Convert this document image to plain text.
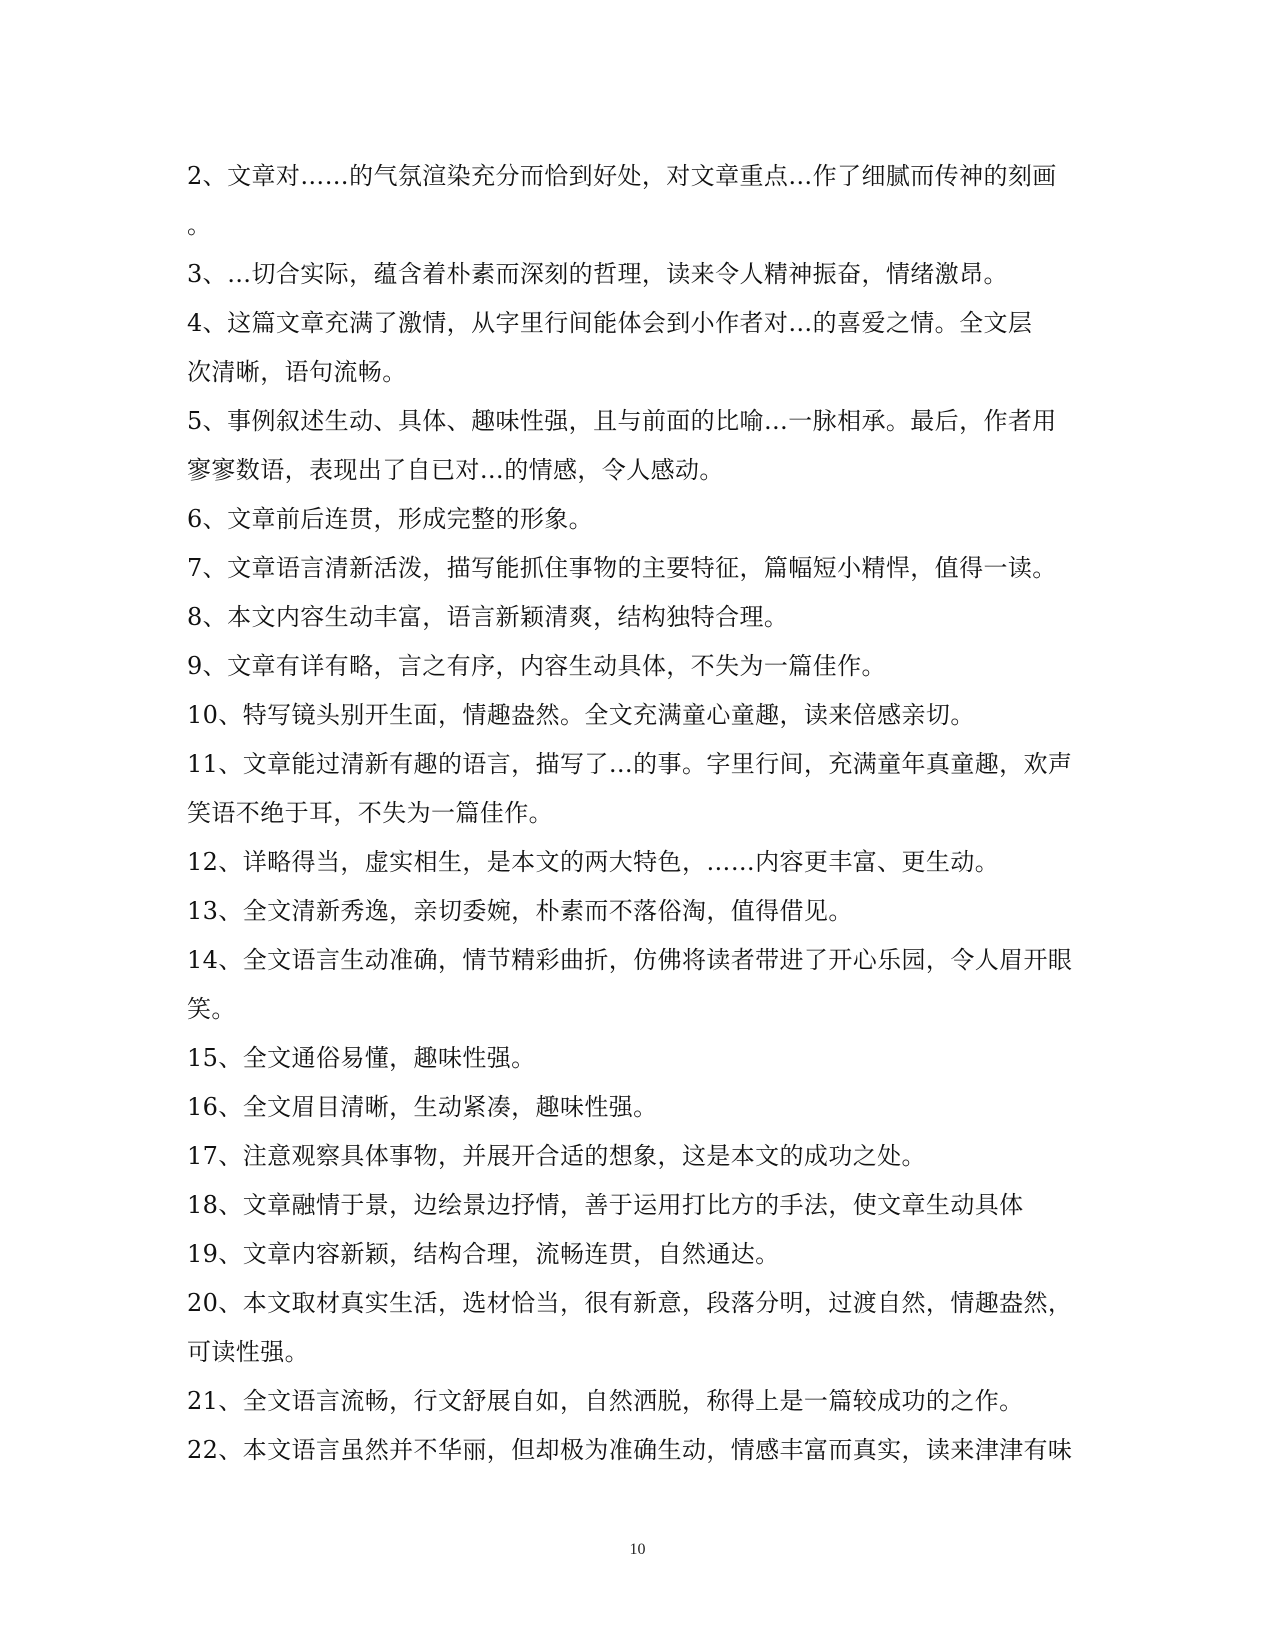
2、文章对……的气氛渲染充分而恰到好处，对文章重点…作了细腻而传神的刻画
。
3、…切合实际，蕴含着朴素而深刻的哲理，读来令人精神振奋，情绪激昂。
4、这篇文章充满了激情，从字里行间能体会到小作者对…的喜爱之情。全文层
次清晰，语句流畅。
5、事例叙述生动、具体、趣味性强，且与前面的比喻…一脉相承。最后，作者用
寥寥数语，表现出了自已对…的情感，令人感动。
6、文章前后连贯，形成完整的形象。
7、文章语言清新活泼，描写能抓住事物的主要特征，篇幅短小精悍，值得一读。
8、本文内容生动丰富，语言新颖清爽，结构独特合理。
9、文章有详有略，言之有序，内容生动具体，不失为一篇佳作。
10、特写镜头别开生面，情趣盎然。全文充满童心童趣，读来倍感亲切。
11、文章能过清新有趣的语言，描写了…的事。字里行间，充满童年真童趣，欢声
笑语不绝于耳，不失为一篇佳作。
12、详略得当，虚实相生，是本文的两大特色，……内容更丰富、更生动。
13、全文清新秀逸，亲切委婉，朴素而不落俗淘，值得借见。
14、全文语言生动准确，情节精彩曲折，仿佛将读者带进了开心乐园，令人眉开眼
笑。
15、全文通俗易懂，趣味性强。
16、全文眉目清晰，生动紧凑，趣味性强。
17、注意观察具体事物，并展开合适的想象，这是本文的成功之处。
18、文章融情于景，边绘景边抒情，善于运用打比方的手法，使文章生动具体
19、文章内容新颖，结构合理，流畅连贯，自然通达。
20、本文取材真实生活，选材恰当，很有新意，段落分明，过渡自然，情趣盎然，
可读性强。
21、全文语言流畅，行文舒展自如，自然洒脱，称得上是一篇较成功的之作。
22、本文语言虽然并不华丽，但却极为准确生动，情感丰富而真实，读来津津有味
10
